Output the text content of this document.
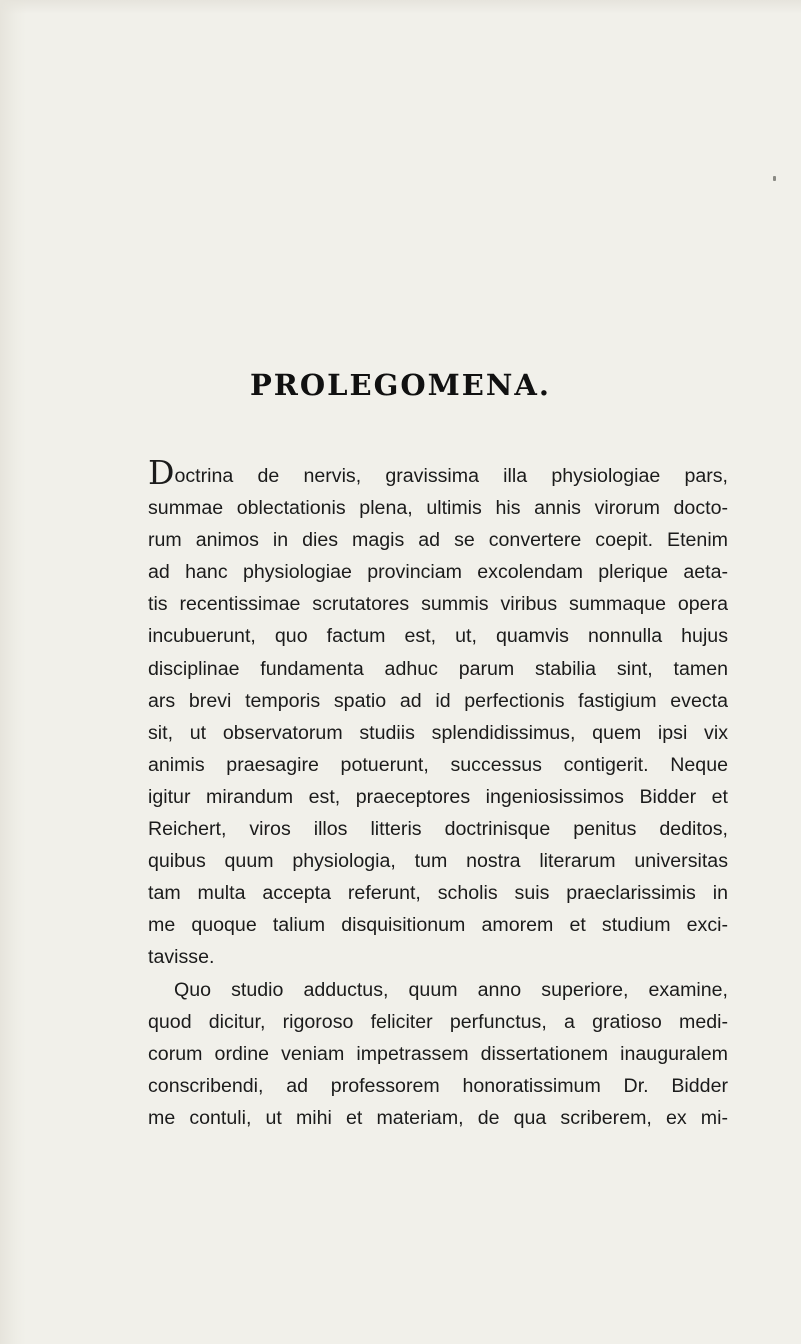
PROLEGOMENA.
Doctrina de nervis, gravissima illa physiologiae pars,
summae oblectationis plena, ultimis his annis virorum docto-
rum animos in dies magis ad se convertere coepit. Etenim
ad hanc physiologiae provinciam excolendam plerique aeta-
tis recentissimae scrutatores summis viribus summaque opera
incubuerunt, quo factum est, ut, quamvis nonnulla hujus
disciplinae fundamenta adhuc parum stabilia sint, tamen
ars brevi temporis spatio ad id perfectionis fastigium evecta
sit, ut observatorum studiis splendidissimus, quem ipsi vix
animis praesagire potuerunt, successus contigerit. Neque
igitur mirandum est, praeceptores ingeniosissimos Bidder et
Reichert, viros illos litteris doctrinisque penitus deditos,
quibus quum physiologia, tum nostra literarum universitas
tam multa accepta referunt, scholis suis praeclarissimis in
me quoque talium disquisitionum amorem et studium exci-
tavisse.
Quo studio adductus, quum anno superiore, examine,
quod dicitur, rigoroso feliciter perfunctus, a gratioso medi-
corum ordine veniam impetrassem dissertationem inauguralem
conscribendi, ad professorem honoratissimum Dr. Bidder
me contuli, ut mihi et materiam, de qua scriberem, ex mi-
